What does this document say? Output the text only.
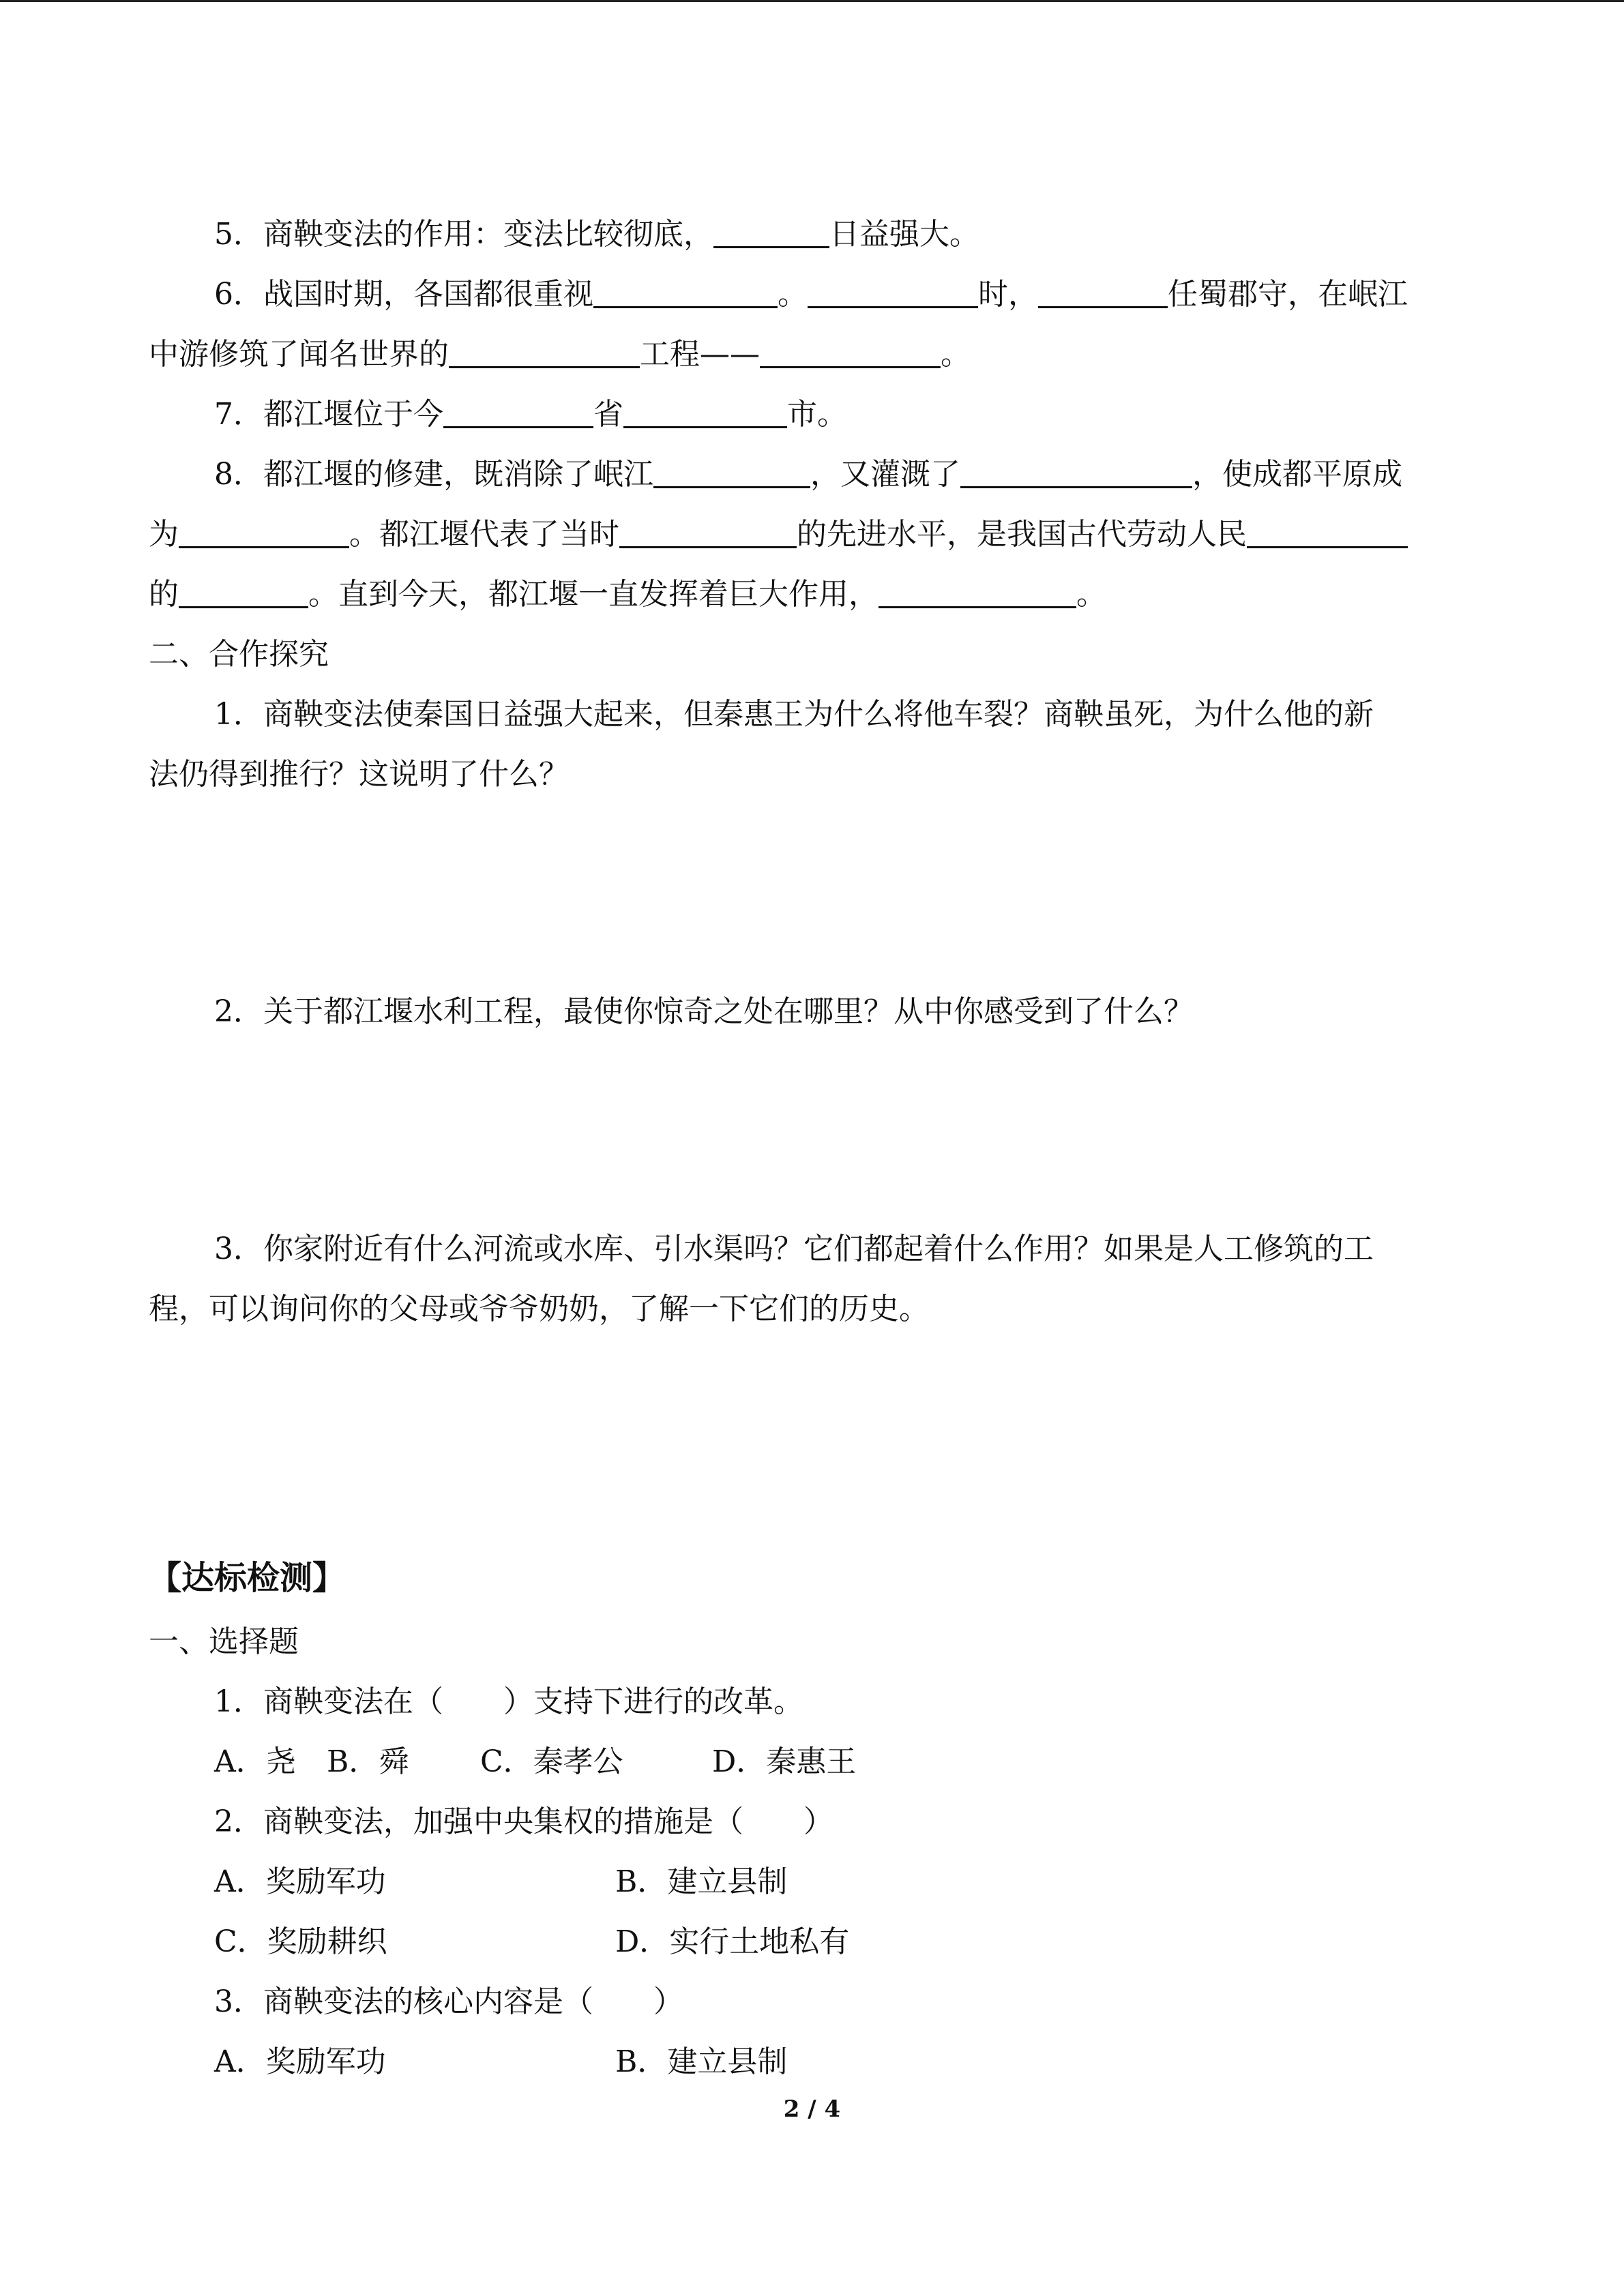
5．商鞅变法的作用：变法比较彻底，	日益强大。
6．战国时期，各国都很重视	。	时，	任蜀郡守，在岷江
中游修筑了闻名世界的	工程——	。
7．都江堰位于今	省	市。
8．都江堰的修建，既消除了岷江	，又灌溉了	，使成都平原成
为	。都江堰代表了当时	的先进水平，是我国古代劳动人民
的	。直到今天，都江堰一直发挥着巨大作用，	。
二、合作探究
1．商鞅变法使秦国日益强大起来，但秦惠王为什么将他车裂？商鞅虽死，为什么他的新
法仍得到推行？这说明了什么？
2．关于都江堰水利工程，最使你惊奇之处在哪里？从中你感受到了什么？
3．你家附近有什么河流或水库、引水渠吗？它们都起着什么作用？如果是人工修筑的工
程，可以询问你的父母或爷爷奶奶，了解一下它们的历史。
【达标检测】
一、选择题
1．商鞅变法在（　　）支持下进行的改革。
A．尧 B．舜 C．秦孝公	D．秦惠王
2．商鞅变法，加强中央集权的措施是（　　）
A．奖励军功	B．建立县制
C．奖励耕织	D．实行土地私有
3．商鞅变法的核心内容是（　　）
A．奖励军功	B．建立县制
2 / 4
